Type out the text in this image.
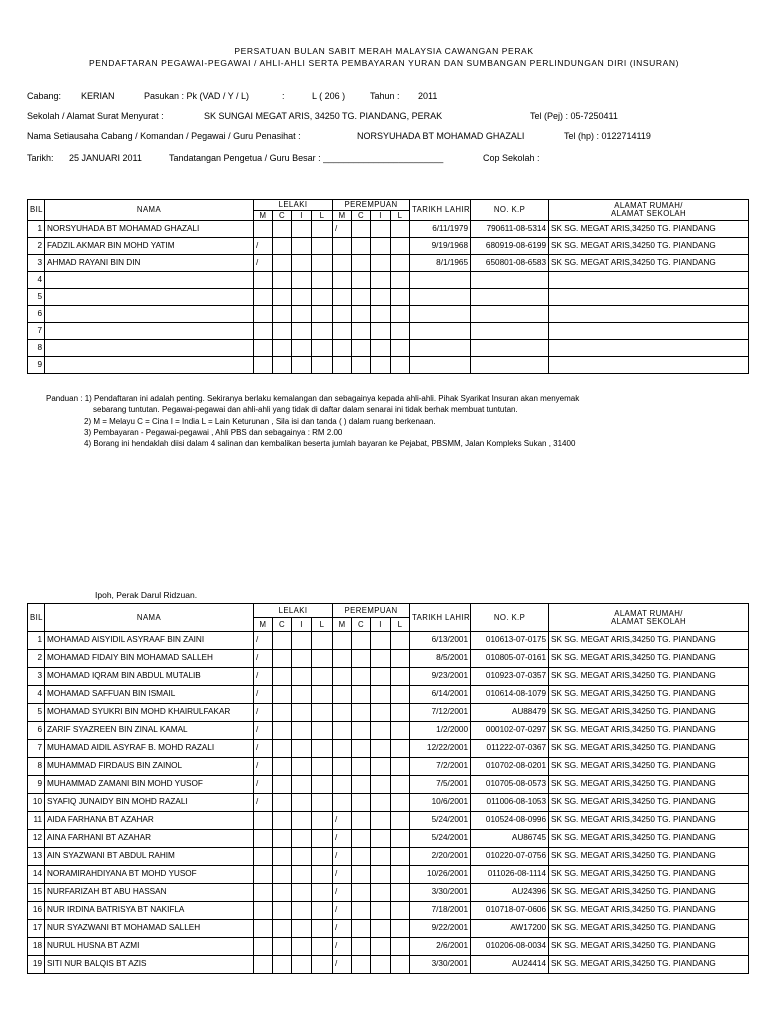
PERSATUAN BULAN SABIT MERAH MALAYSIA CAWANGAN PERAK
PENDAFTARAN PEGAWAI-PEGAWAI / AHLI-AHLI SERTA PEMBAYARAN YURAN DAN SUMBANGAN PERLINDUNGAN DIRI (INSURAN)
Cabang: KERIAN	Pasukan : Pk (VAD / Y / L)	:	L ( 206 )	Tahun : 2011
Sekolah / Alamat Surat Menyurat :	SK SUNGAI MEGAT ARIS, 34250 TG. PIANDANG, PERAK	Tel (Pej) : 05-7250411
Nama Setiausaha Cabang / Komandan / Pegawai / Guru Penasihat :	NORSYUHADA BT MOHAMAD GHAZALI	Tel (hp) : 0122714119
Tarikh: 25 JANUARI 2011	Tandatangan Pengetua / Guru Besar : ________________________	Cop Sekolah :
BIL	NAMA	LELAKI				PEREMPUAN				TARIKH LAHIR	NO. K.P	ALAMAT RUMAH/
ALAMAT SEKOLAH

		M	C	I	L	M	C	I	L			
1	NORSYUHADA BT MOHAMAD GHAZALI					/				6/11/1979	790611-08-5314	SK SG. MEGAT ARIS,34250 TG. PIANDANG
2	FADZIL AKMAR BIN MOHD YATIM	/								9/19/1968	680919-08-6199	SK SG. MEGAT ARIS,34250 TG. PIANDANG
3	AHMAD RAYANI BIN DIN	/								8/1/1965	650801-08-6583	SK SG. MEGAT ARIS,34250 TG. PIANDANG
4												
5												
6												
7												
8												
9												
Panduan : 1) Pendaftaran ini adalah penting. Sekiranya berlaku kemalangan dan sebagainya kepada ahli-ahli. Pihak Syarikat Insuran akan menyemak
sebarang tuntutan. Pegawai-pegawai dan ahli-ahli yang tidak di daftar dalam senarai ini tidak berhak membuat tuntutan.
2) M = Melayu C = Cina I = India L = Lain Keturunan , Sila isi dan tanda ( ) dalam ruang berkenaan.
3) Pembayaran - Pegawai-pegawai , Ahli PBS dan sebagainya : RM 2.00
4) Borang ini hendaklah diisi dalam 4 salinan dan kembalikan beserta jumlah bayaran ke Pejabat, PBSMM, Jalan Kompleks Sukan , 31400
Ipoh, Perak Darul Ridzuan.
BIL	NAMA	LELAKI				PEREMPUAN				TARIKH LAHIR	NO. K.P	ALAMAT RUMAH/
ALAMAT SEKOLAH

		M	C	I	L	M	C	I	L			
1	MOHAMAD AISYIDIL ASYRAAF BIN ZAINI	/								6/13/2001	010613-07-0175	SK SG. MEGAT ARIS,34250 TG. PIANDANG
2	MOHAMAD FIDAIY BIN MOHAMAD SALLEH	/								8/5/2001	010805-07-0161	SK SG. MEGAT ARIS,34250 TG. PIANDANG
3	MOHAMAD IQRAM BIN ABDUL MUTALIB	/								9/23/2001	010923-07-0357	SK SG. MEGAT ARIS,34250 TG. PIANDANG
4	MOHAMAD SAFFUAN BIN ISMAIL	/								6/14/2001	010614-08-1079	SK SG. MEGAT ARIS,34250 TG. PIANDANG
5	MOHAMAD SYUKRI BIN MOHD KHAIRULFAKAR	/								7/12/2001	AU88479	SK SG. MEGAT ARIS,34250 TG. PIANDANG
6	ZARIF SYAZREEN BIN ZINAL KAMAL	/								1/2/2000	000102-07-0297	SK SG. MEGAT ARIS,34250 TG. PIANDANG
7	MUHAMAD AIDIL ASYRAF B. MOHD RAZALI	/								12/22/2001	011222-07-0367	SK SG. MEGAT ARIS,34250 TG. PIANDANG
8	MUHAMMAD FIRDAUS BIN ZAINOL	/								7/2/2001	010702-08-0201	SK SG. MEGAT ARIS,34250 TG. PIANDANG
9	MUHAMMAD ZAMANI BIN MOHD YUSOF	/								7/5/2001	010705-08-0573	SK SG. MEGAT ARIS,34250 TG. PIANDANG
10	SYAFIQ JUNAIDY BIN MOHD RAZALI	/								10/6/2001	011006-08-1053	SK SG. MEGAT ARIS,34250 TG. PIANDANG
11	AIDA FARHANA BT AZAHAR					/				5/24/2001	010524-08-0996	SK SG. MEGAT ARIS,34250 TG. PIANDANG
12	AINA FARHANI BT AZAHAR					/				5/24/2001	AU86745	SK SG. MEGAT ARIS,34250 TG. PIANDANG
13	AIN SYAZWANI BT ABDUL RAHIM					/				2/20/2001	010220-07-0756	SK SG. MEGAT ARIS,34250 TG. PIANDANG
14	NORAMIRAHDIYANA BT MOHD YUSOF					/				10/26/2001	011026-08-1114	SK SG. MEGAT ARIS,34250 TG. PIANDANG
15	NURFARIZAH BT ABU HASSAN					/				3/30/2001	AU24396	SK SG. MEGAT ARIS,34250 TG. PIANDANG
16	NUR IRDINA BATRISYA BT NAKIFLA					/				7/18/2001	010718-07-0606	SK SG. MEGAT ARIS,34250 TG. PIANDANG
17	NUR SYAZWANI BT MOHAMAD SALLEH					/				9/22/2001	AW17200	SK SG. MEGAT ARIS,34250 TG. PIANDANG
18	NURUL HUSNA BT AZMI					/				2/6/2001	010206-08-0034	SK SG. MEGAT ARIS,34250 TG. PIANDANG
19	SITI NUR BALQIS BT AZIS					/				3/30/2001	AU24414	SK SG. MEGAT ARIS,34250 TG. PIANDANG
